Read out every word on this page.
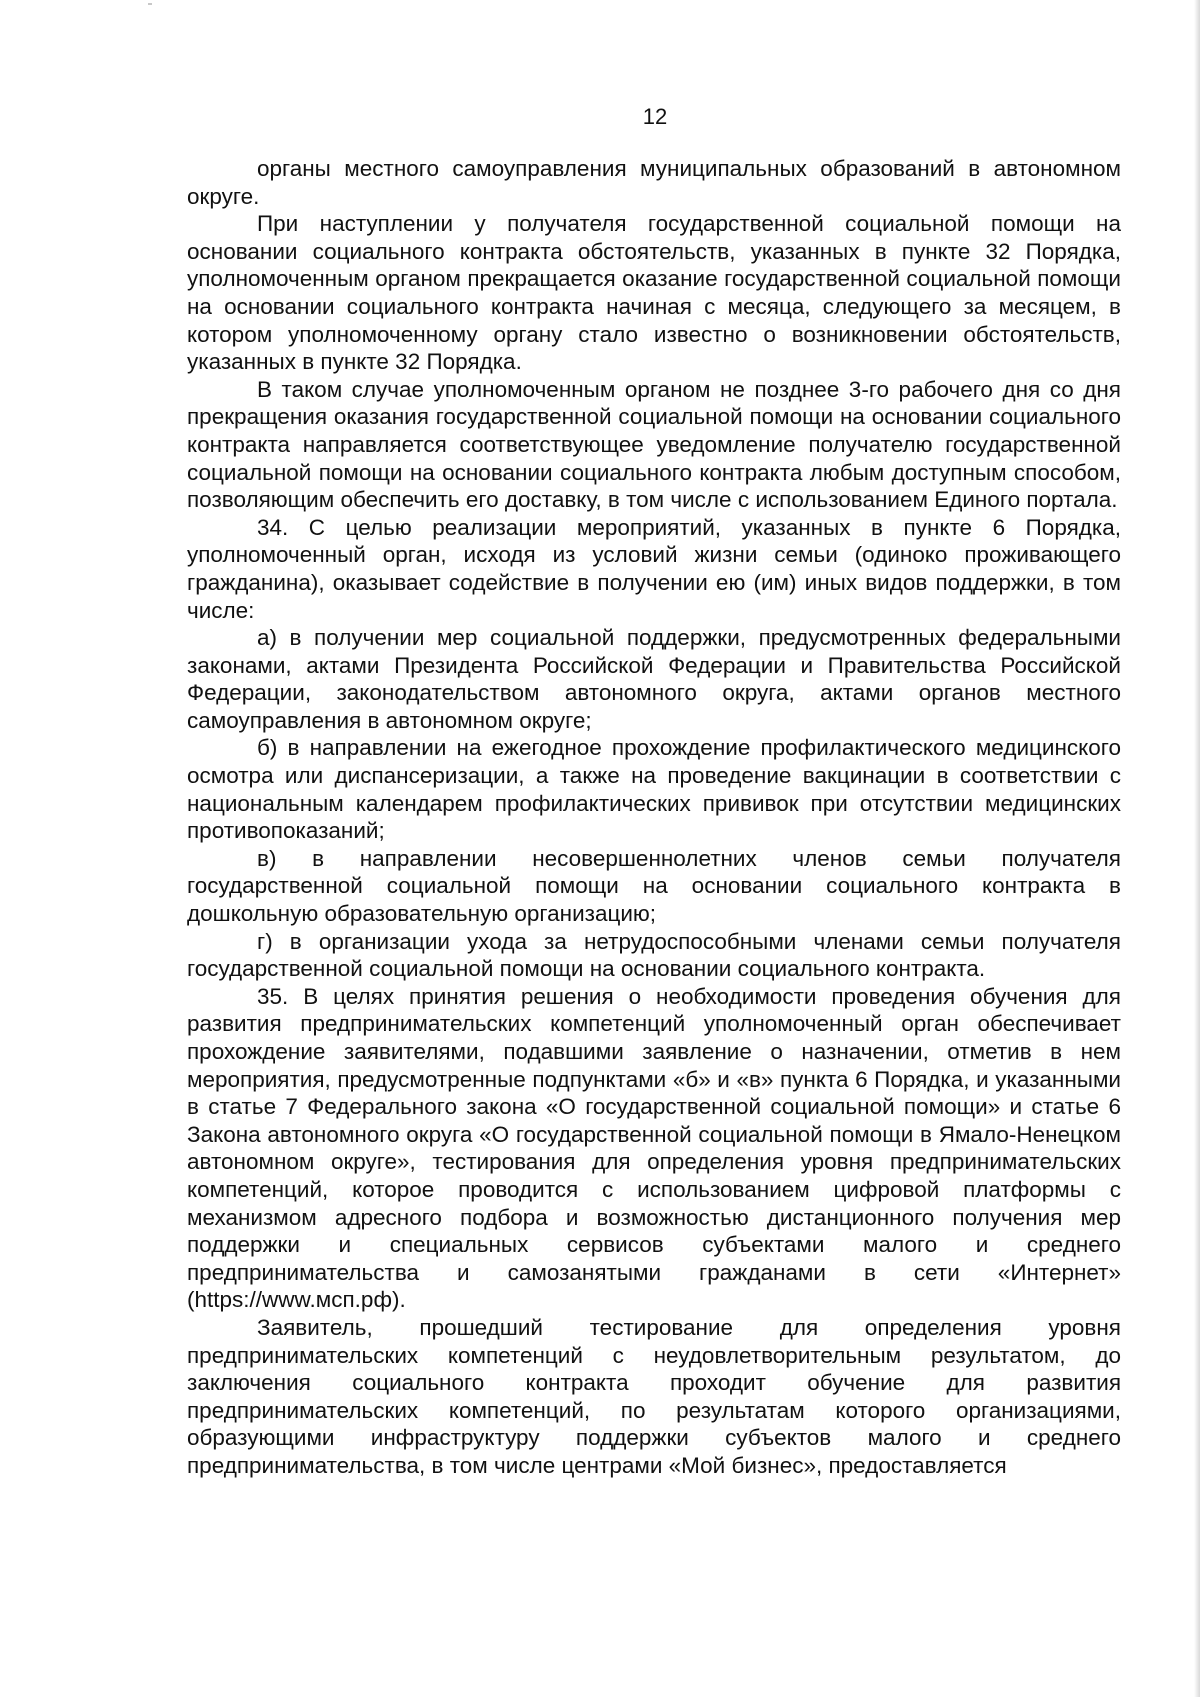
12

органы местного самоуправления муниципальных образований в автономном округе.

При наступлении у получателя государственной социальной помощи на основании социального контракта обстоятельств, указанных в пункте 32 Порядка, уполномоченным органом прекращается оказание государственной социальной помощи на основании социального контракта начиная с месяца, следующего за месяцем, в котором уполномоченному органу стало известно о возникновении обстоятельств, указанных в пункте 32 Порядка.

В таком случае уполномоченным органом не позднее 3-го рабочего дня со дня прекращения оказания государственной социальной помощи на основании социального контракта направляется соответствующее уведомление получателю государственной социальной помощи на основании социального контракта любым доступным способом, позволяющим обеспечить его доставку, в том числе с использованием Единого портала.

34. С целью реализации мероприятий, указанных в пункте 6 Порядка, уполномоченный орган, исходя из условий жизни семьи (одиноко проживающего гражданина), оказывает содействие в получении ею (им) иных видов поддержки, в том числе:

а) в получении мер социальной поддержки, предусмотренных федеральными законами, актами Президента Российской Федерации и Правительства Российской Федерации, законодательством автономного округа, актами органов местного самоуправления в автономном округе;

б) в направлении на ежегодное прохождение профилактического медицинского осмотра или диспансеризации, а также на проведение вакцинации в соответствии с национальным календарем профилактических прививок при отсутствии медицинских противопоказаний;

в) в направлении несовершеннолетних членов семьи получателя государственной социальной помощи на основании социального контракта в дошкольную образовательную организацию;

г) в организации ухода за нетрудоспособными членами семьи получателя государственной социальной помощи на основании социального контракта.

35. В целях принятия решения о необходимости проведения обучения для развития предпринимательских компетенций уполномоченный орган обеспечивает прохождение заявителями, подавшими заявление о назначении, отметив в нем мероприятия, предусмотренные подпунктами «б» и «в» пункта 6 Порядка, и указанными в статье 7 Федерального закона «О государственной социальной помощи» и статье 6 Закона автономного округа «О государственной социальной помощи в Ямало-Ненецком автономном округе», тестирования для определения уровня предпринимательских компетенций, которое проводится с использованием цифровой платформы с механизмом адресного подбора и возможностью дистанционного получения мер поддержки и специальных сервисов субъектами малого и среднего предпринимательства и самозанятыми гражданами в сети «Интернет» (https://www.мсп.рф).

Заявитель, прошедший тестирование для определения уровня предпринимательских компетенций с неудовлетворительным результатом, до заключения социального контракта проходит обучение для развития предпринимательских компетенций, по результатам которого организациями, образующими инфраструктуру поддержки субъектов малого и среднего предпринимательства, в том числе центрами «Мой бизнес», предоставляется
